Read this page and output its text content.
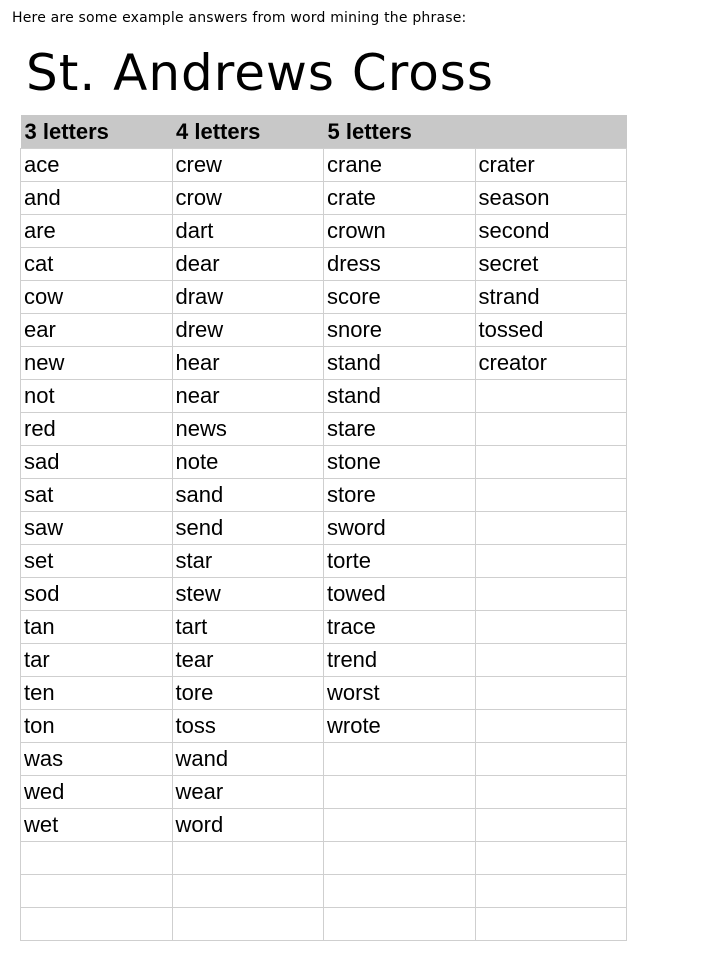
Here are some example answers from word mining the phrase:
St. Andrews Cross
3 letters	4 letters	5 letters	
ace	crew	crane	crater
and	crow	crate	season
are	dart	crown	second
cat	dear	dress	secret
cow	draw	score	strand
ear	drew	snore	tossed
new	hear	stand	creator
not	near	stand	
red	news	stare	
sad	note	stone	
sat	sand	store	
saw	send	sword	
set	star	torte	
sod	stew	towed	
tan	tart	trace	
tar	tear	trend	
ten	tore	worst	
ton	toss	wrote	
was	wand		
wed	wear		
wet	word		
